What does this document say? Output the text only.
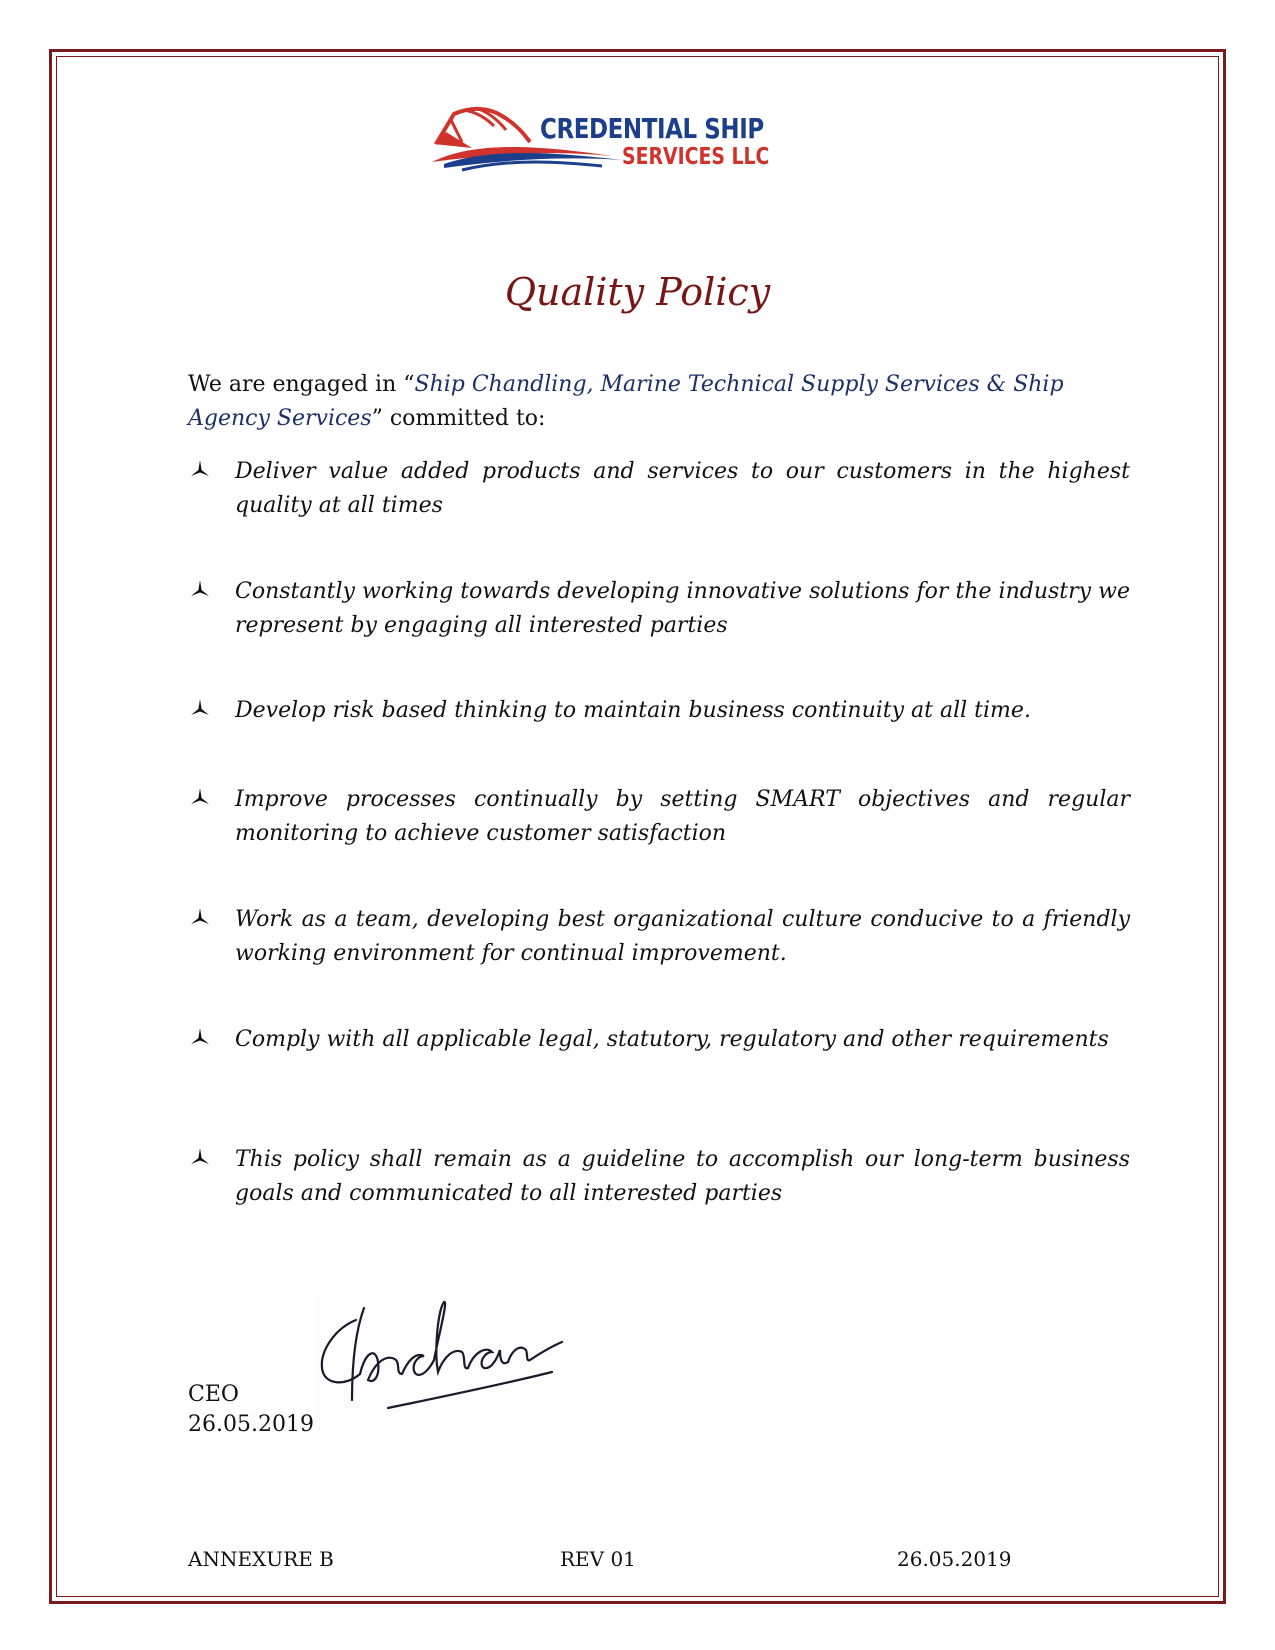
CREDENTIAL SHIP
SERVICES LLC
Quality Policy
We are engaged in “Ship Chandling, Marine Technical Supply Services & Ship Agency Services” committed to:
Deliver value added products and services to our customers in the highest quality at all times
Constantly working towards developing innovative solutions for the industry we represent by engaging all interested parties
Develop risk based thinking to maintain business continuity at all time.
Improve processes continually by setting SMART objectives and regular monitoring to achieve customer satisfaction
Work as a team, developing best organizational culture conducive to a friendly working environment for continual improvement.
Comply with all applicable legal, statutory, regulatory and other requirements
This policy shall remain as a guideline to accomplish our long-term business goals and communicated to all interested parties
CEO
26.05.2019
ANNEXURE B	REV 01	26.05.2019
